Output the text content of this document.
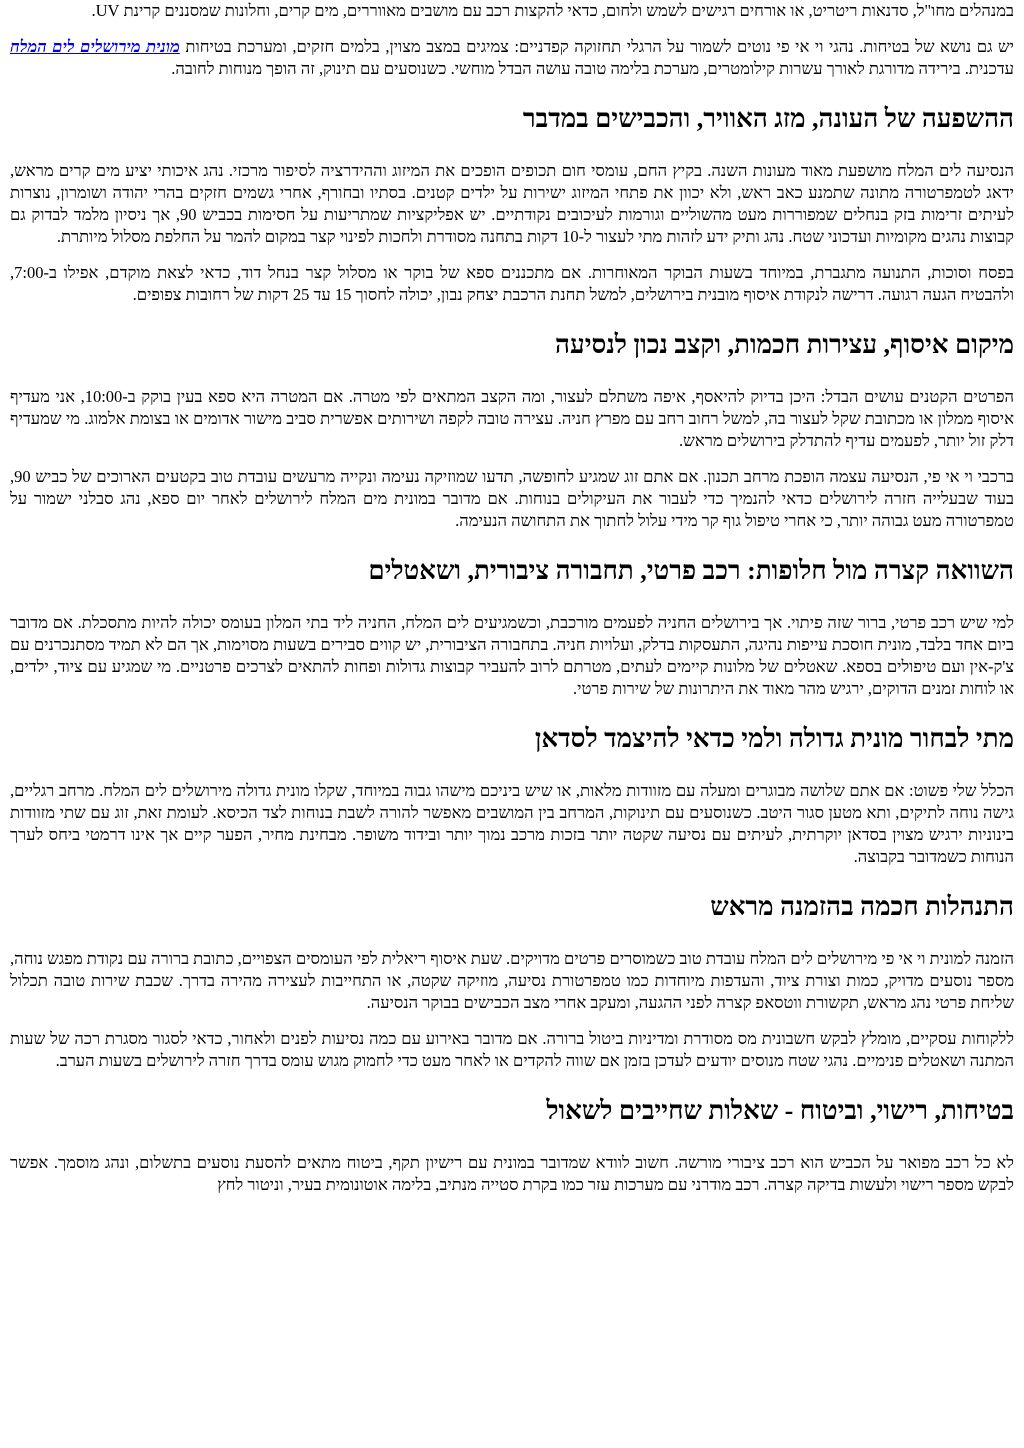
במנהלים מחו"ל, סדנאות ריטריט, או אורחים רגישים לשמש ולחום, כדאי להקצות רכב עם מושבים מאווררים, מים קרים, וחלונות שמסננים קרינת UV.

יש גם נושא של בטיחות. נהגי וי אי פי נוטים לשמור על הרגלי תחזוקה קפדניים: צמיגים במצב מצוין, בלמים חזקים, ומערכת בטיחות מונית מירושלים לים המלח עדכנית. בירידה מדורגת לאורך עשרות קילומטרים, מערכת בלימה טובה עושה הבדל מוחשי. כשנוסעים עם תינוק, זה הופך מנוחות לחובה.

ההשפעה של העונה, מזג האוויר, והכבישים במדבר

הנסיעה לים המלח מושפעת מאוד מעונות השנה. בקיץ החם, עומסי חום תכופים הופכים את המיזוג וההידרציה לסיפור מרכזי. נהג איכותי יציע מים קרים מראש, ידאג לטמפרטורה מתונה שתמנע כאב ראש, ולא יכוון את פתחי המיזוג ישירות על ילדים קטנים. בסתיו ובחורף, אחרי גשמים חזקים בהרי יהודה ושומרון, נוצרות לעיתים זרימות בזק בנחלים שמפוררות מעט מהשוליים וגורמות לעיכובים נקודתיים. יש אפליקציות שמתריעות על חסימות בכביש 90, אך ניסיון מלמד לבדוק גם קבוצות נהגים מקומיות ועדכוני שטח. נהג ותיק ידע לזהות מתי לעצור ל-10 דקות בתחנה מסודרת ולחכות לפינוי קצר במקום להמר על החלפת מסלול מיותרת.

בפסח וסוכות, התנועה מתגברת, במיוחד בשעות הבוקר המאוחרות. אם מתכננים ספא של בוקר או מסלול קצר בנחל דוד, כדאי לצאת מוקדם, אפילו ב-7:00, ולהבטיח הגעה רגועה. דרישה לנקודת איסוף מובנית בירושלים, למשל תחנת הרכבת יצחק נבון, יכולה לחסוך 15 עד 25 דקות של רחובות צפופים.

מיקום איסוף, עצירות חכמות, וקצב נכון לנסיעה

הפרטים הקטנים עושים הבדל: היכן בדיוק להיאסף, איפה משתלם לעצור, ומה הקצב המתאים לפי מטרה. אם המטרה היא ספא בעין בוקק ב-10:00, אני מעדיף איסוף ממלון או מכתובת שקל לעצור בה, למשל רחוב רחב עם מפרץ חניה. עצירה טובה לקפה ושירותים אפשרית סביב מישור אדומים או בצומת אלמוג. מי שמעדיף דלק זול יותר, לפעמים עדיף להתדלק בירושלים מראש.

ברכבי וי אי פי, הנסיעה עצמה הופכת מרחב תכנון. אם אתם זוג שמגיע לחופשה, תדעו שמוזיקה נעימה ונקייה מרעשים עובדת טוב בקטעים הארוכים של כביש 90, בעוד שבעלייה חזרה לירושלים כדאי להנמיך כדי לעבור את העיקולים בנוחות. אם מדובר במונית מים המלח לירושלים לאחר יום ספא, נהג סבלני ישמור על טמפרטורה מעט גבוהה יותר, כי אחרי טיפול גוף קר מידי עלול לחתוך את התחושה הנעימה.

השוואה קצרה מול חלופות: רכב פרטי, תחבורה ציבורית, ושאטלים

למי שיש רכב פרטי, ברור שזה פיתוי. אך בירושלים החניה לפעמים מורכבת, וכשמגיעים לים המלח, החניה ליד בתי המלון בעומס יכולה להיות מתסכלת. אם מדובר ביום אחד בלבד, מונית חוסכת עייפות נהיגה, התעסקות בדלק, ועלויות חניה. בתחבורה הציבורית, יש קווים סבירים בשעות מסוימות, אך הם לא תמיד מסתנכרנים עם צ'ק-אין ועם טיפולים בספא. שאטלים של מלונות קיימים לעתים, מטרתם לרוב להעביר קבוצות גדולות ופחות להתאים לצרכים פרטניים. מי שמגיע עם ציוד, ילדים, או לוחות זמנים הדוקים, ירגיש מהר מאוד את היתרונות של שירות פרטי.

מתי לבחור מונית גדולה ולמי כדאי להיצמד לסדאן

הכלל שלי פשוט: אם אתם שלושה מבוגרים ומעלה עם מזוודות מלאות, או שיש ביניכם מישהו גבוה במיוחד, שקלו מונית גדולה מירושלים לים המלח. מרחב רגליים, גישה נוחה לתיקים, ותא מטען סגור היטב. כשנוסעים עם תינוקות, המרחב בין המושבים מאפשר להורה לשבת בנוחות לצד הכיסא. לעומת זאת, זוג עם שתי מזוודות בינוניות ירגיש מצוין בסדאן יוקרתית, לעיתים עם נסיעה שקטה יותר בזכות מרכב נמוך יותר ובידוד משופר. מבחינת מחיר, הפער קיים אך אינו דרמטי ביחס לערך הנוחות כשמדובר בקבוצה.

התנהלות חכמה בהזמנה מראש

הזמנה למונית וי אי פי מירושלים לים המלח עובדת טוב כשמוסרים פרטים מדויקים. שעת איסוף ריאלית לפי העומסים הצפויים, כתובת ברורה עם נקודת מפגש נוחה, מספר נוסעים מדויק, כמות וצורת ציוד, והעדפות מיוחדות כמו טמפרטורת נסיעה, מוזיקה שקטה, או התחייבות לעצירה מהירה בדרך. שכבת שירות טובה תכלול שליחת פרטי נהג מראש, תקשורת ווטסאפ קצרה לפני ההגעה, ומעקב אחרי מצב הכבישים בבוקר הנסיעה.

ללקוחות עסקיים, מומלץ לבקש חשבונית מס מסודרת ומדיניות ביטול ברורה. אם מדובר באירוע עם כמה נסיעות לפנים ולאחור, כדאי לסגור מסגרת רכה של שעות המתנה ושאטלים פנימיים. נהגי שטח מנוסים יודעים לעדכן בזמן אם שווה להקדים או לאחר מעט כדי לחמוק מגוש עומס בדרך חזרה לירושלים בשעות הערב.

בטיחות, רישוי, וביטוח - שאלות שחייבים לשאול

לא כל רכב מפואר על הכביש הוא רכב ציבורי מורשה. חשוב לוודא שמדובר במונית עם רישיון תקף, ביטוח מתאים להסעת נוסעים בתשלום, ונהג מוסמך. אפשר לבקש מספר רישוי ולעשות בדיקה קצרה. רכב מודרני עם מערכות עזר כמו בקרת סטייה מנתיב, בלימה אוטונומית בעיר, וניטור לחץ
